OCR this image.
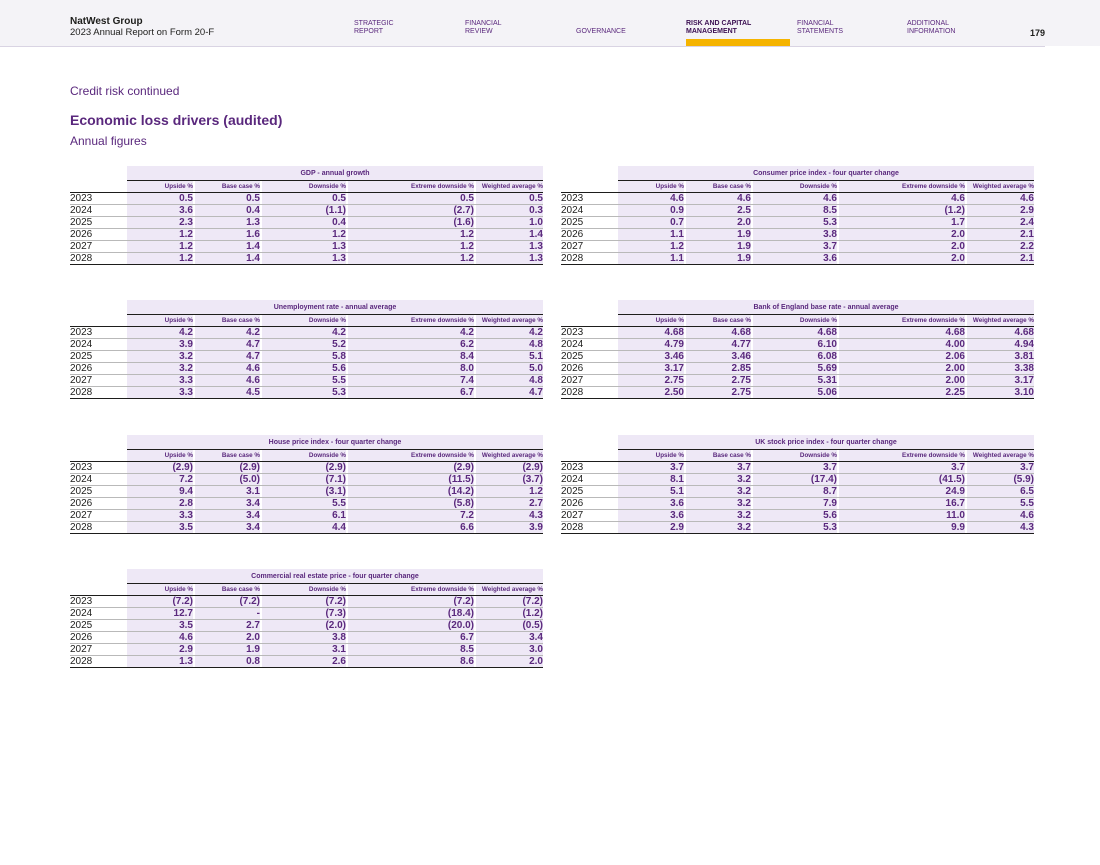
NatWest Group
2023 Annual Report on Form 20-F
STRATEGIC
REPORT
FINANCIAL
REVIEW
	GOVERNANCE
RISK AND CAPITAL
MANAGEMENT
FINANCIAL
STATEMENTS
ADDITIONAL
INFORMATION	179
Credit risk continued
Economic loss drivers (audited)
Annual figures
GDP - annual growth
Upside %	Base case %	Downside %	Extreme downside %	Weighted average %
2023	0.5	0.5	0.5	0.5	0.5
2024	3.6	0.4	(1.1)	(2.7)	0.3
2025	2.3	1.3	0.4	(1.6)	1.0
2026	1.2	1.6	1.2	1.2	1.4
2027	1.2	1.4	1.3	1.2	1.3
2028	1.2	1.4	1.3	1.2	1.3
Consumer price index - four quarter change
Upside %	Base case %	Downside %	Extreme downside %	Weighted average %
2023	4.6	4.6	4.6	4.6	4.6
2024	0.9	2.5	8.5	(1.2)	2.9
2025	0.7	2.0	5.3	1.7	2.4
2026	1.1	1.9	3.8	2.0	2.1
2027	1.2	1.9	3.7	2.0	2.2
2028	1.1	1.9	3.6	2.0	2.1
Unemployment rate - annual average
Upside %	Base case %	Downside %	Extreme downside %	Weighted average %
2023	4.2	4.2	4.2	4.2	4.2
2024	3.9	4.7	5.2	6.2	4.8
2025	3.2	4.7	5.8	8.4	5.1
2026	3.2	4.6	5.6	8.0	5.0
2027	3.3	4.6	5.5	7.4	4.8
2028	3.3	4.5	5.3	6.7	4.7
Bank of England base rate - annual average
Upside %	Base case %	Downside %	Extreme downside %	Weighted average %
2023	4.68	4.68	4.68	4.68	4.68
2024	4.79	4.77	6.10	4.00	4.94
2025	3.46	3.46	6.08	2.06	3.81
2026	3.17	2.85	5.69	2.00	3.38
2027	2.75	2.75	5.31	2.00	3.17
2028	2.50	2.75	5.06	2.25	3.10
House price index - four quarter change
Upside %	Base case %	Downside %	Extreme downside %	Weighted average %
2023	(2.9)	(2.9)	(2.9)	(2.9)	(2.9)
2024	7.2	(5.0)	(7.1)	(11.5)	(3.7)
2025	9.4	3.1	(3.1)	(14.2)	1.2
2026	2.8	3.4	5.5	(5.8)	2.7
2027	3.3	3.4	6.1	7.2	4.3
2028	3.5	3.4	4.4	6.6	3.9
UK stock price index - four quarter change
Upside %	Base case %	Downside %	Extreme downside %	Weighted average %
2023	3.7	3.7	3.7	3.7	3.7
2024	8.1	3.2	(17.4)	(41.5)	(5.9)
2025	5.1	3.2	8.7	24.9	6.5
2026	3.6	3.2	7.9	16.7	5.5
2027	3.6	3.2	5.6	11.0	4.6
2028	2.9	3.2	5.3	9.9	4.3
Commercial real estate price - four quarter change
Upside %	Base case %	Downside %	Extreme downside %	Weighted average %
2023	(7.2)	(7.2)	(7.2)	(7.2)	(7.2)
2024	12.7	-	(7.3)	(18.4)	(1.2)
2025	3.5	2.7	(2.0)	(20.0)	(0.5)
2026	4.6	2.0	3.8	6.7	3.4
2027	2.9	1.9	3.1	8.5	3.0
2028	1.3	0.8	2.6	8.6	2.0
